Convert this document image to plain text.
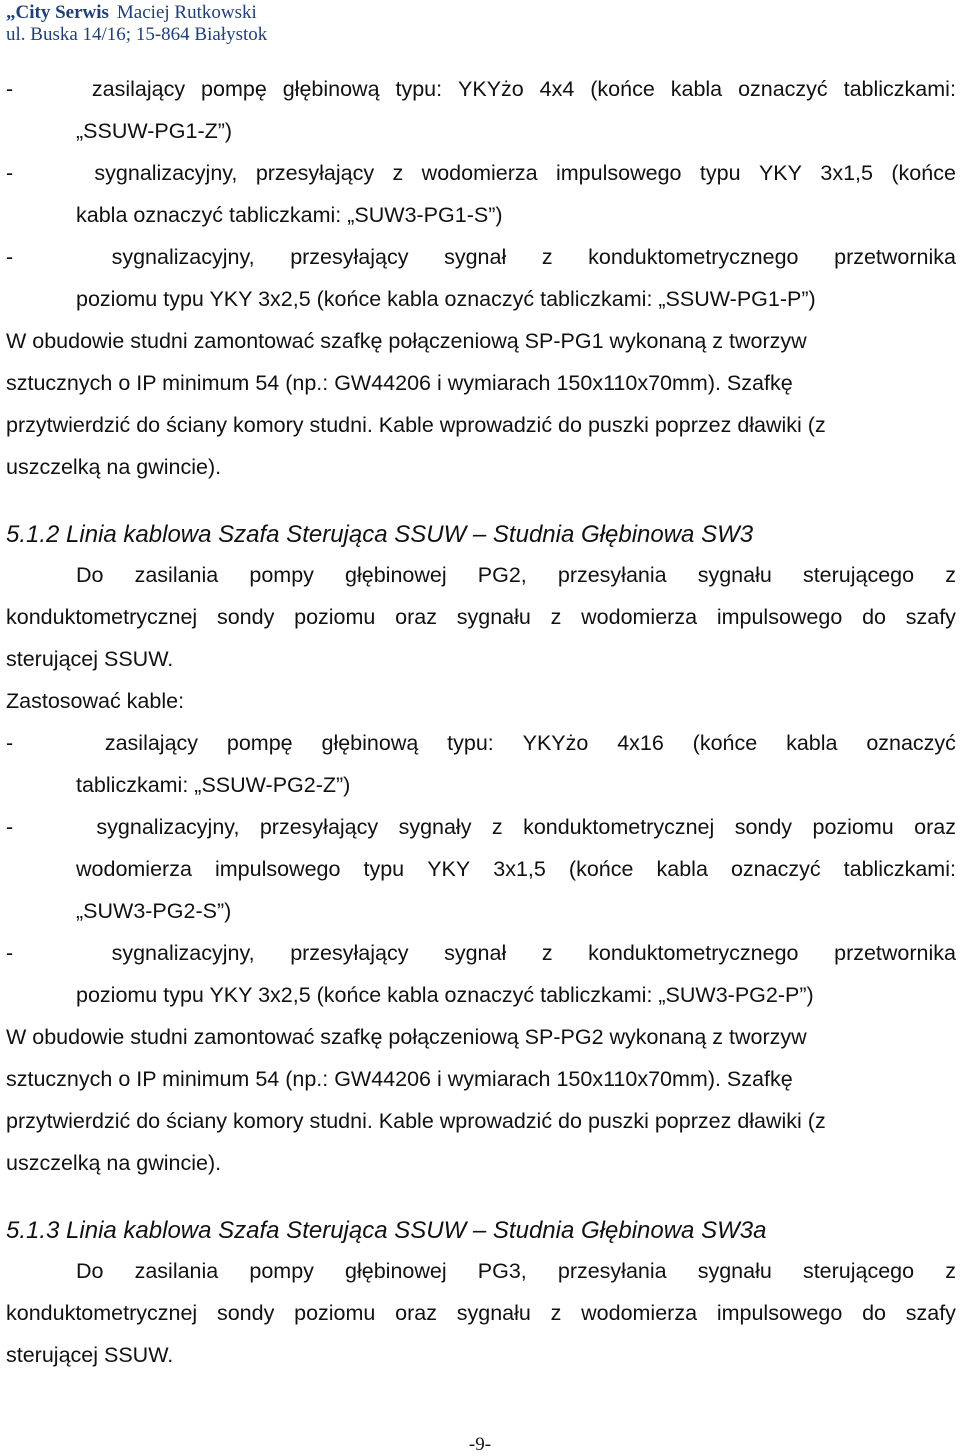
„City Serwis Maciej Rutkowski
ul. Buska 14/16; 15-864 Białystok
-	zasilający pompę głębinową typu: YKYżo 4x4 (końce kabla oznaczyć tabliczkami:
„SSUW-PG1-Z”)
-	sygnalizacyjny, przesyłający z wodomierza impulsowego typu YKY 3x1,5 (końce
kabla oznaczyć tabliczkami: „SUW3-PG1-S”)
-	sygnalizacyjny, przesyłający sygnał z konduktometrycznego przetwornika
poziomu typu YKY 3x2,5 (końce kabla oznaczyć tabliczkami: „SSUW-PG1-P”)
W obudowie studni zamontować szafkę połączeniową SP-PG1 wykonaną z tworzyw
sztucznych o IP minimum 54 (np.: GW44206 i wymiarach 150x110x70mm). Szafkę
przytwierdzić do ściany komory studni. Kable wprowadzić do puszki poprzez dławiki (z
uszczelką na gwincie).
5.1.2 Linia kablowa Szafa Sterująca SSUW – Studnia Głębinowa SW3
Do zasilania pompy głębinowej PG2, przesyłania sygnału sterującego z
konduktometrycznej sondy poziomu oraz sygnału z wodomierza impulsowego do szafy
sterującej SSUW.
Zastosować kable:
-	zasilający pompę głębinową typu: YKYżo 4x16 (końce kabla oznaczyć
tabliczkami: „SSUW-PG2-Z”)
-	sygnalizacyjny, przesyłający sygnały z konduktometrycznej sondy poziomu oraz
wodomierza impulsowego typu YKY 3x1,5 (końce kabla oznaczyć tabliczkami:
„SUW3-PG2-S”)
-	sygnalizacyjny, przesyłający sygnał z konduktometrycznego przetwornika
poziomu typu YKY 3x2,5 (końce kabla oznaczyć tabliczkami: „SUW3-PG2-P”)
W obudowie studni zamontować szafkę połączeniową SP-PG2 wykonaną z tworzyw
sztucznych o IP minimum 54 (np.: GW44206 i wymiarach 150x110x70mm). Szafkę
przytwierdzić do ściany komory studni. Kable wprowadzić do puszki poprzez dławiki (z
uszczelką na gwincie).
5.1.3 Linia kablowa Szafa Sterująca SSUW – Studnia Głębinowa SW3a
Do zasilania pompy głębinowej PG3, przesyłania sygnału sterującego z
konduktometrycznej sondy poziomu oraz sygnału z wodomierza impulsowego do szafy
sterującej SSUW.
-9-
